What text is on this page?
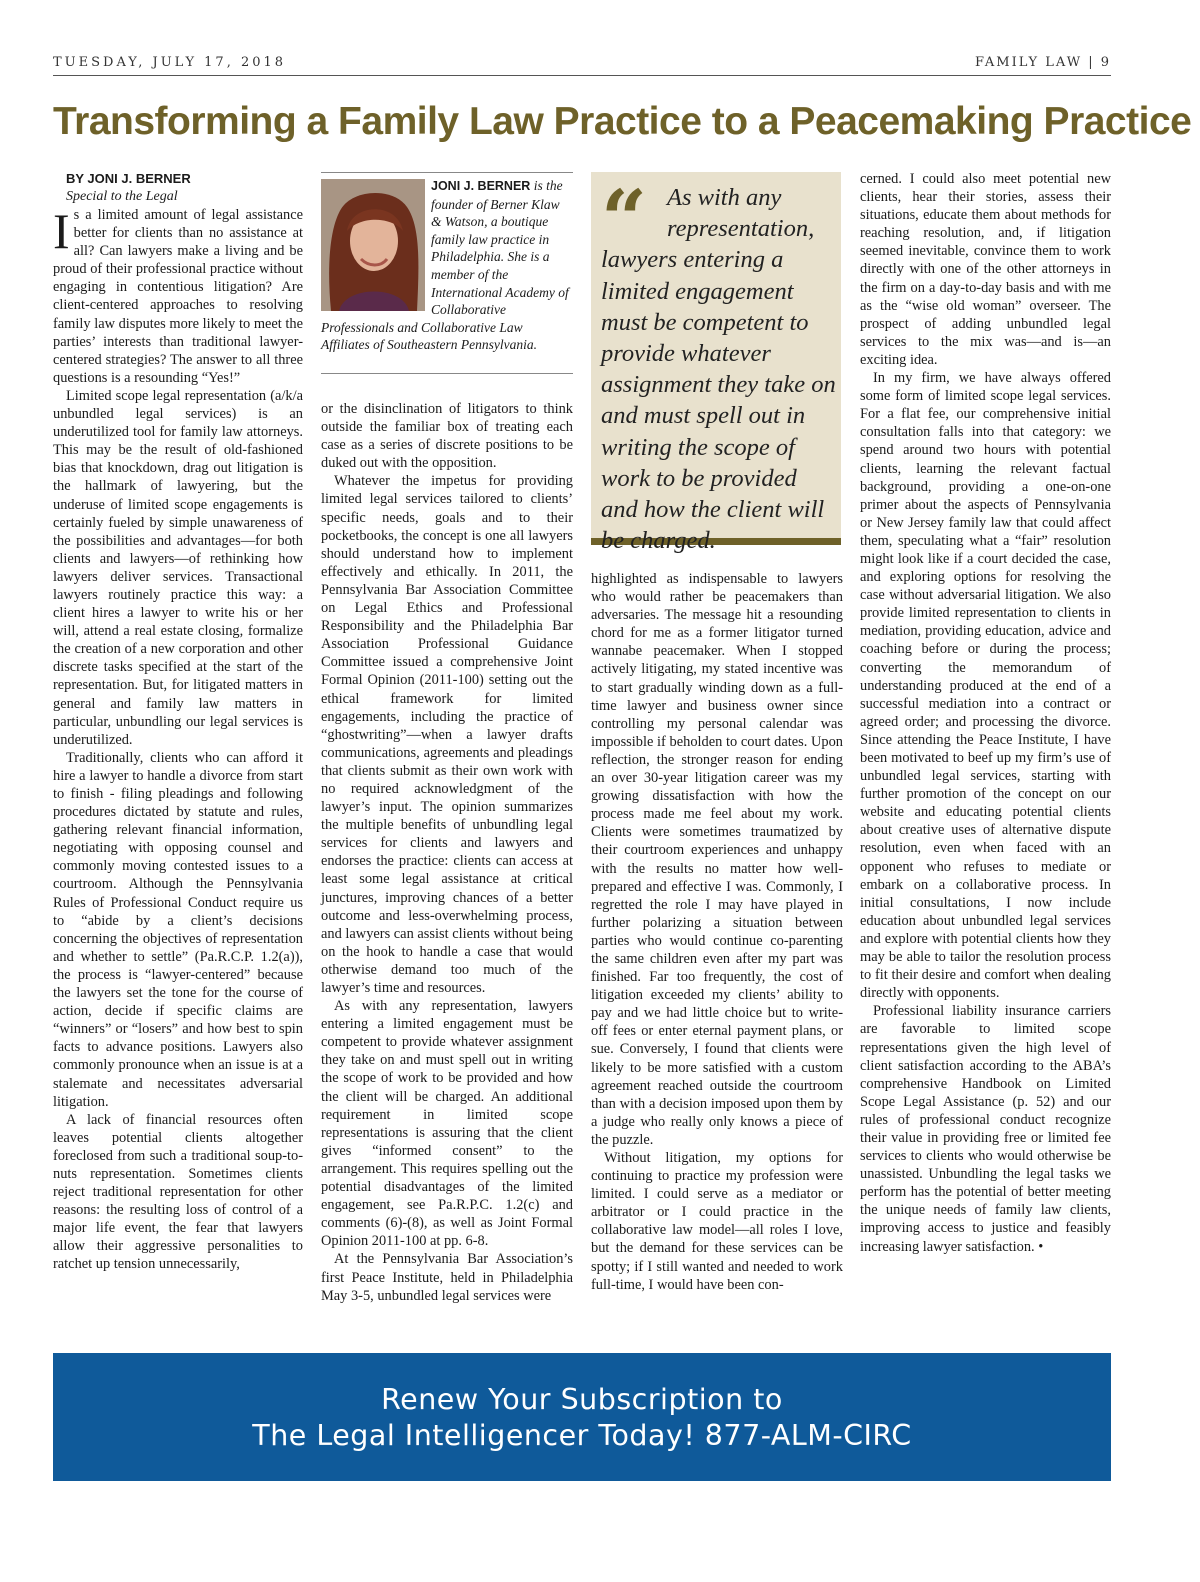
TUESDAY, JULY 17, 2018	FAMILY LAW | 9
Transforming a Family Law Practice to a Peacemaking Practice

BY JONI J. BERNER

Special to the Legal

Is a limited amount of legal assistance better for clients than no assistance at all? Can lawyers make a living and be proud of their professional practice without engaging in contentious litigation? Are client-centered approaches to resolving family law disputes more likely to meet the parties’ interests than traditional lawyer-centered strategies? The answer to all three questions is a resounding “Yes!”

Limited scope legal representation (a/k/a unbundled legal services) is an underutilized tool for family law attorneys. This may be the result of old-fashioned bias that knockdown, drag out litigation is the hallmark of lawyering, but the underuse of limited scope engagements is certainly fueled by simple unawareness of the possibilities and advantages—for both clients and lawyers—of rethinking how lawyers deliver services. Transactional lawyers routinely practice this way: a client hires a lawyer to write his or her will, attend a real estate closing, formalize the creation of a new corporation and other discrete tasks specified at the start of the representation. But, for litigated matters in general and family law matters in particular, unbundling our legal services is underutilized.

Traditionally, clients who can afford it hire a lawyer to handle a divorce from start to finish - filing pleadings and following procedures dictated by statute and rules, gathering relevant financial information, negotiating with opposing counsel and commonly moving contested issues to a courtroom. Although the Pennsylvania Rules of Professional Conduct require us to “abide by a client’s decisions concerning the objectives of representation and whether to settle” (Pa.R.C.P. 1.2(a)), the process is “lawyer-centered” because the lawyers set the tone for the course of action, decide if specific claims are “winners” or “losers” and how best to spin facts to advance positions. Lawyers also commonly pronounce when an issue is at a stalemate and necessitates adversarial litigation.

A lack of financial resources often leaves potential clients altogether foreclosed from such a traditional soup-to-nuts representation. Sometimes clients reject traditional representation for other reasons: the resulting loss of control of a major life event, the fear that lawyers allow their aggressive personalities to ratchet up tension unnecessarily,

JONI J. BERNER is the founder of Berner Klaw & Watson, a boutique family law practice in Philadelphia. She is a member of the International Academy of Collaborative Professionals and Collaborative Law Affiliates of Southeastern Pennsylvania.

or the disinclination of litigators to think outside the familiar box of treating each case as a series of discrete positions to be duked out with the opposition.

Whatever the impetus for providing limited legal services tailored to clients’ specific needs, goals and to their pocketbooks, the concept is one all lawyers should understand how to implement effectively and ethically. In 2011, the Pennsylvania Bar Association Committee on Legal Ethics and Professional Responsibility and the Philadelphia Bar Association Professional Guidance Committee issued a comprehensive Joint Formal Opinion (2011-100) setting out the ethical framework for limited engagements, including the practice of “ghostwriting”—when a lawyer drafts communications, agreements and pleadings that clients submit as their own work with no required acknowledgment of the lawyer’s input. The opinion summarizes the multiple benefits of unbundling legal services for clients and lawyers and endorses the practice: clients can access at least some legal assistance at critical junctures, improving chances of a better outcome and less-overwhelming process, and lawyers can assist clients without being on the hook to handle a case that would otherwise demand too much of the lawyer’s time and resources.

As with any representation, lawyers entering a limited engagement must be competent to provide whatever assignment they take on and must spell out in writing the scope of work to be provided and how the client will be charged. An additional requirement in limited scope representations is assuring that the client gives “informed consent” to the arrangement. This requires spelling out the potential disadvantages of the limited engagement, see Pa.R.P.C. 1.2(c) and comments (6)-(8), as well as Joint Formal Opinion 2011-100 at pp. 6-8.

At the Pennsylvania Bar Association’s first Peace Institute, held in Philadelphia May 3-5, unbundled legal services were

“ As with any representation, lawyers entering a limited engagement must be competent to provide whatever assignment they take on and must spell out in writing the scope of work to be provided and how the client will be charged.

highlighted as indispensable to lawyers who would rather be peacemakers than adversaries. The message hit a resounding chord for me as a former litigator turned wannabe peacemaker. When I stopped actively litigating, my stated incentive was to start gradually winding down as a full-time lawyer and business owner since controlling my personal calendar was impossible if beholden to court dates. Upon reflection, the stronger reason for ending an over 30-year litigation career was my growing dissatisfaction with how the process made me feel about my work. Clients were sometimes traumatized by their courtroom experiences and unhappy with the results no matter how well-prepared and effective I was. Commonly, I regretted the role I may have played in further polarizing a situation between parties who would continue co-parenting the same children even after my part was finished. Far too frequently, the cost of litigation exceeded my clients’ ability to pay and we had little choice but to write-off fees or enter eternal payment plans, or sue. Conversely, I found that clients were likely to be more satisfied with a custom agreement reached outside the courtroom than with a decision imposed upon them by a judge who really only knows a piece of the puzzle.

Without litigation, my options for continuing to practice my profession were limited. I could serve as a mediator or arbitrator or I could practice in the collaborative law model—all roles I love, but the demand for these services can be spotty; if I still wanted and needed to work full-time, I would have been con-

cerned. I could also meet potential new clients, hear their stories, assess their situations, educate them about methods for reaching resolution, and, if litigation seemed inevitable, convince them to work directly with one of the other attorneys in the firm on a day-to-day basis and with me as the “wise old woman” overseer. The prospect of adding unbundled legal services to the mix was—and is—an exciting idea.

In my firm, we have always offered some form of limited scope legal services. For a flat fee, our comprehensive initial consultation falls into that category: we spend around two hours with potential clients, learning the relevant factual background, providing a one-on-one primer about the aspects of Pennsylvania or New Jersey family law that could affect them, speculating what a “fair” resolution might look like if a court decided the case, and exploring options for resolving the case without adversarial litigation. We also provide limited representation to clients in mediation, providing education, advice and coaching before or during the process; converting the memorandum of understanding produced at the end of a successful mediation into a contract or agreed order; and processing the divorce. Since attending the Peace Institute, I have been motivated to beef up my firm’s use of unbundled legal services, starting with further promotion of the concept on our website and educating potential clients about creative uses of alternative dispute resolution, even when faced with an opponent who refuses to mediate or embark on a collaborative process. In initial consultations, I now include education about unbundled legal services and explore with potential clients how they may be able to tailor the resolution process to fit their desire and comfort when dealing directly with opponents.

Professional liability insurance carriers are favorable to limited scope representations given the high level of client satisfaction according to the ABA’s comprehensive Handbook on Limited Scope Legal Assistance (p. 52) and our rules of professional conduct recognize their value in providing free or limited fee services to clients who would otherwise be unassisted. Unbundling the legal tasks we perform has the potential of better meeting the unique needs of family law clients, improving access to justice and feasibly increasing lawyer satisfaction. •

Renew Your Subscription to
The Legal Intelligencer Today! 877-ALM-CIRC
